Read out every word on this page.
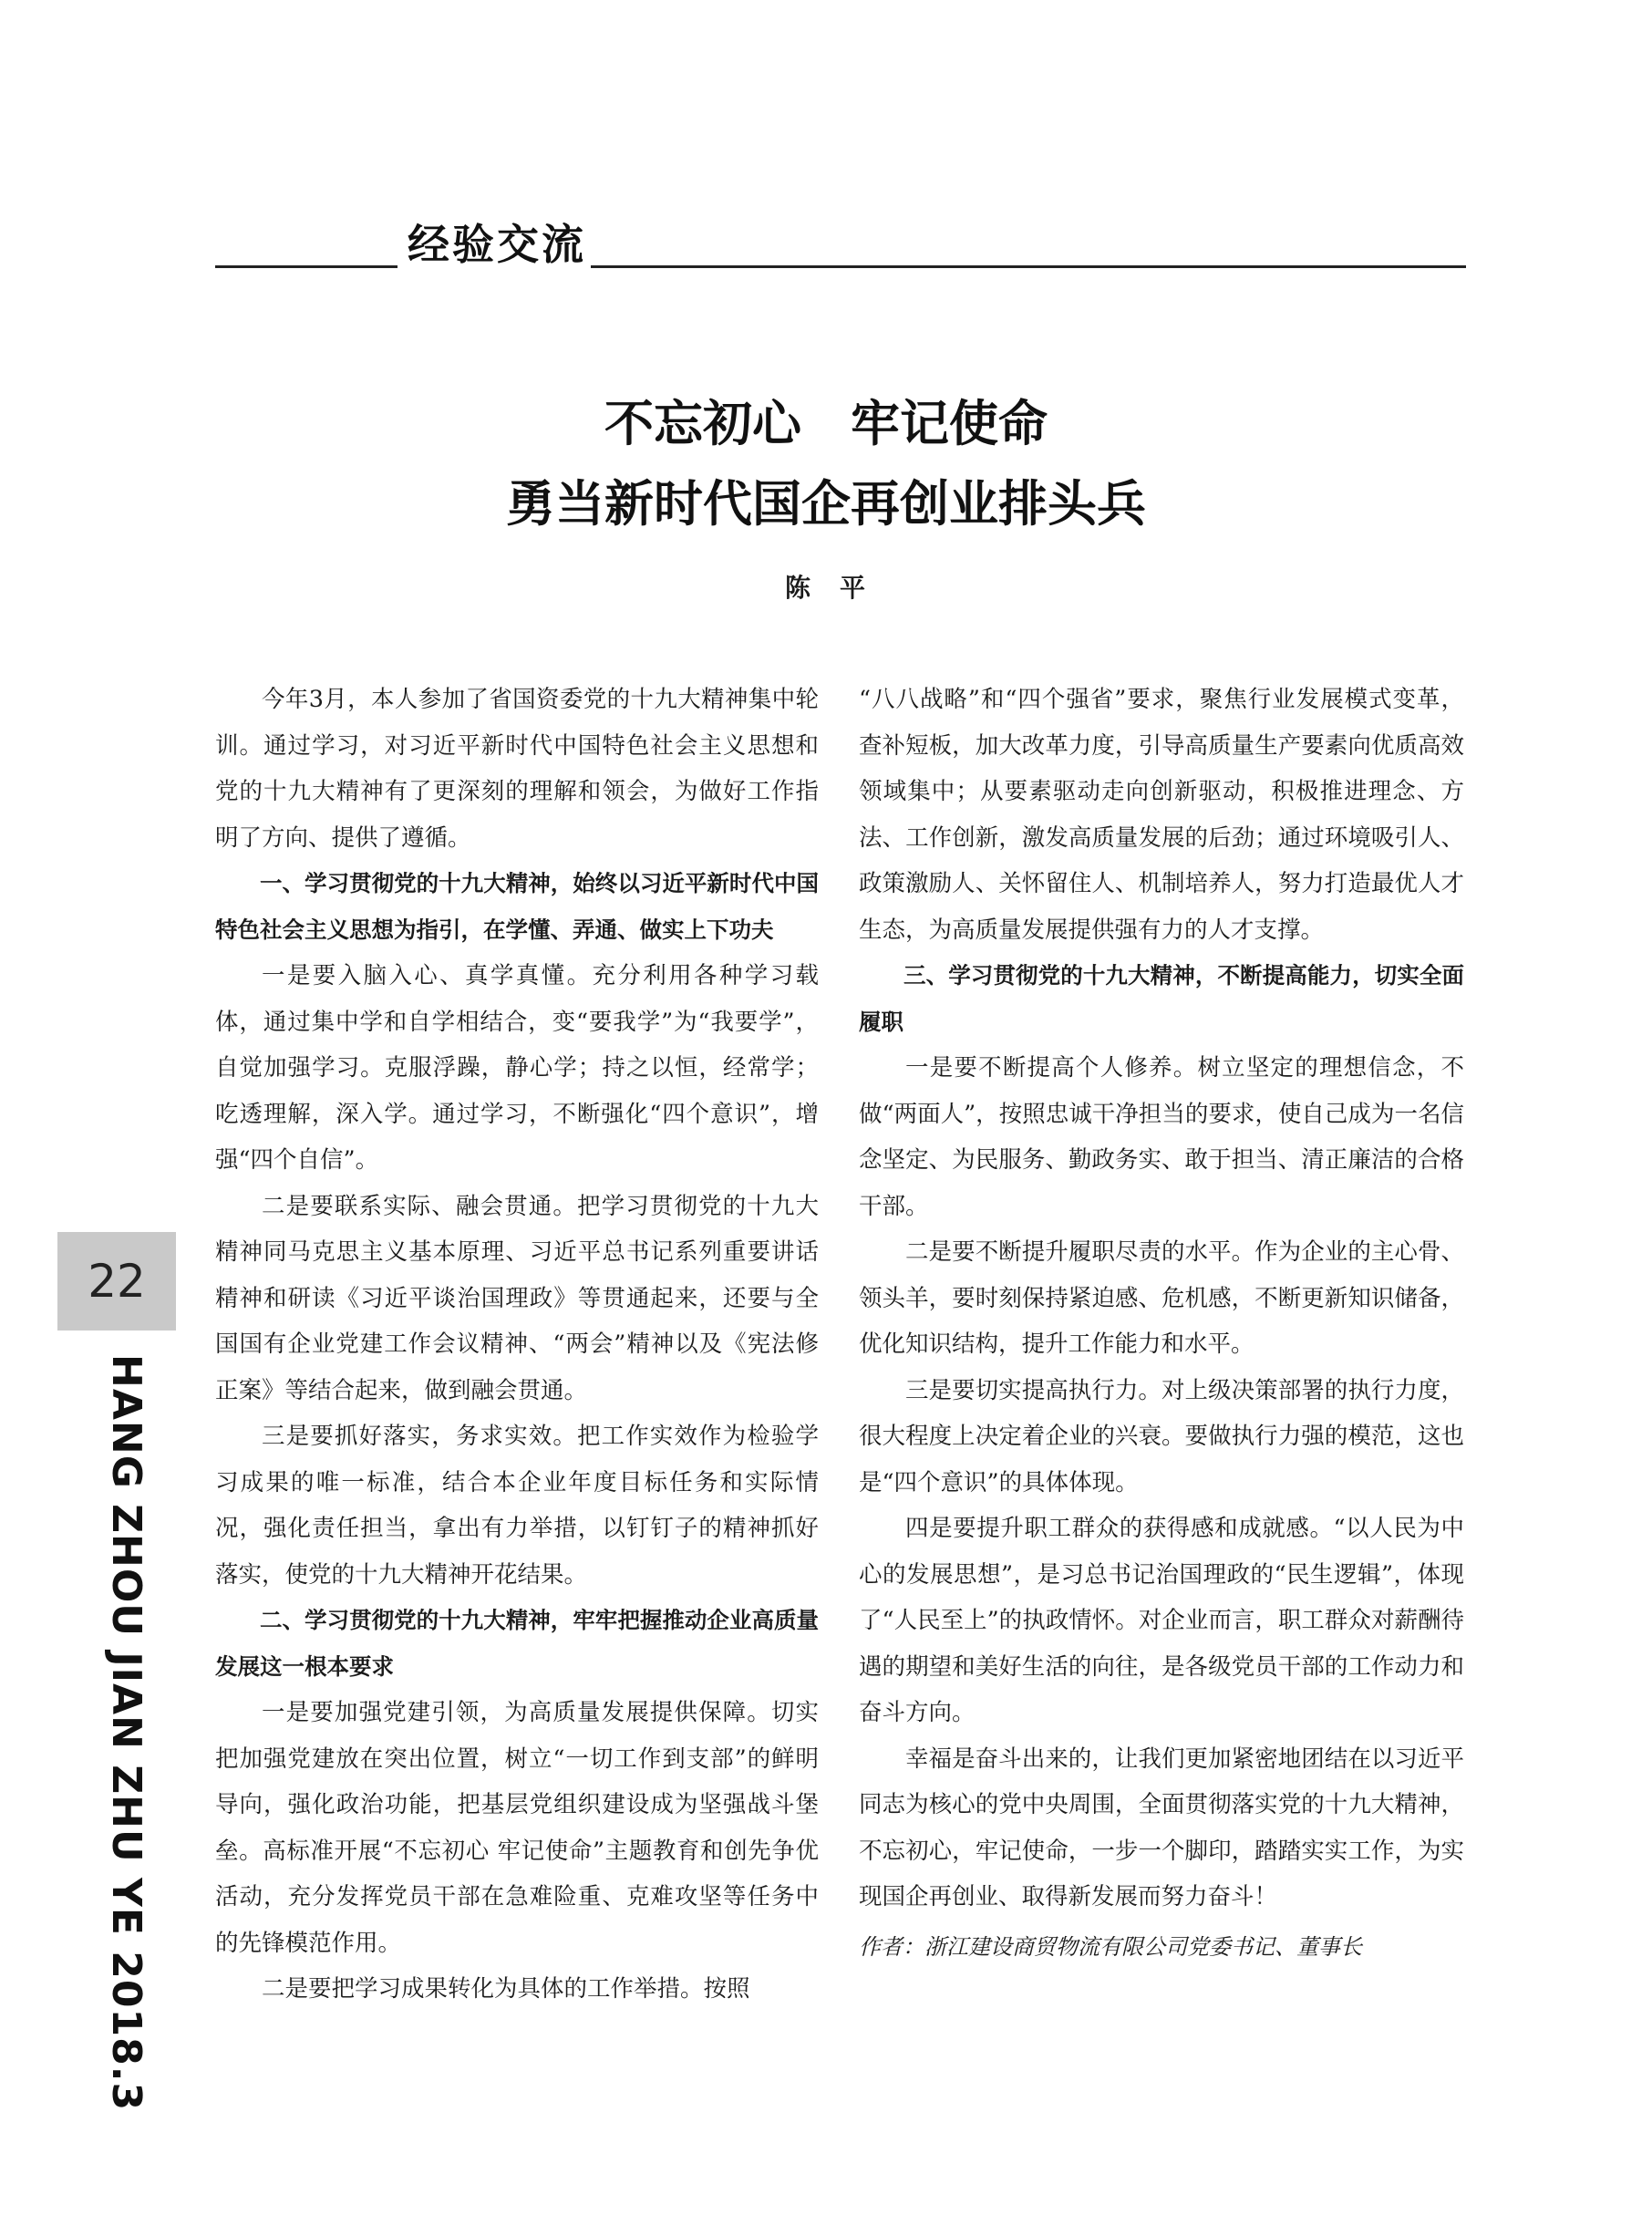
经验交流
不忘初心　牢记使命
勇当新时代国企再创业排头兵
陈　平

今年3月，本人参加了省国资委党的十九大精神集中轮训。通过学习，对习近平新时代中国特色社会主义思想和党的十九大精神有了更深刻的理解和领会，为做好工作指明了方向、提供了遵循。

一、学习贯彻党的十九大精神，始终以习近平新时代中国特色社会主义思想为指引，在学懂、弄通、做实上下功夫

一是要入脑入心、真学真懂。充分利用各种学习载体，通过集中学和自学相结合，变“要我学”为“我要学”，自觉加强学习。克服浮躁，静心学；持之以恒，经常学；吃透理解，深入学。通过学习，不断强化“四个意识”，增强“四个自信”。

二是要联系实际、融会贯通。把学习贯彻党的十九大精神同马克思主义基本原理、习近平总书记系列重要讲话精神和研读《习近平谈治国理政》等贯通起来，还要与全国国有企业党建工作会议精神、“两会”精神以及《宪法修正案》等结合起来，做到融会贯通。

三是要抓好落实，务求实效。把工作实效作为检验学习成果的唯一标准，结合本企业年度目标任务和实际情况，强化责任担当，拿出有力举措，以钉钉子的精神抓好落实，使党的十九大精神开花结果。

二、学习贯彻党的十九大精神，牢牢把握推动企业高质量发展这一根本要求

一是要加强党建引领，为高质量发展提供保障。切实把加强党建放在突出位置，树立“一切工作到支部”的鲜明导向，强化政治功能，把基层党组织建设成为坚强战斗堡垒。高标准开展“不忘初心 牢记使命”主题教育和创先争优活动，充分发挥党员干部在急难险重、克难攻坚等任务中的先锋模范作用。

二是要把学习成果转化为具体的工作举措。按照

“八八战略”和“四个强省”要求，聚焦行业发展模式变革，查补短板，加大改革力度，引导高质量生产要素向优质高效领域集中；从要素驱动走向创新驱动，积极推进理念、方法、工作创新，激发高质量发展的后劲；通过环境吸引人、政策激励人、关怀留住人、机制培养人，努力打造最优人才生态，为高质量发展提供强有力的人才支撑。

三、学习贯彻党的十九大精神，不断提高能力，切实全面履职

一是要不断提高个人修养。树立坚定的理想信念，不做“两面人”，按照忠诚干净担当的要求，使自己成为一名信念坚定、为民服务、勤政务实、敢于担当、清正廉洁的合格干部。

二是要不断提升履职尽责的水平。作为企业的主心骨、领头羊，要时刻保持紧迫感、危机感，不断更新知识储备，优化知识结构，提升工作能力和水平。

三是要切实提高执行力。对上级决策部署的执行力度，很大程度上决定着企业的兴衰。要做执行力强的模范，这也是“四个意识”的具体体现。

四是要提升职工群众的获得感和成就感。“以人民为中心的发展思想”，是习总书记治国理政的“民生逻辑”，体现了“人民至上”的执政情怀。对企业而言，职工群众对薪酬待遇的期望和美好生活的向往，是各级党员干部的工作动力和奋斗方向。

幸福是奋斗出来的，让我们更加紧密地团结在以习近平同志为核心的党中央周围，全面贯彻落实党的十九大精神，不忘初心，牢记使命，一步一个脚印，踏踏实实工作，为实现国企再创业、取得新发展而努力奋斗！

作者：浙江建设商贸物流有限公司党委书记、董事长

22
HANG ZHOU JIAN ZHU YE 2018.3
